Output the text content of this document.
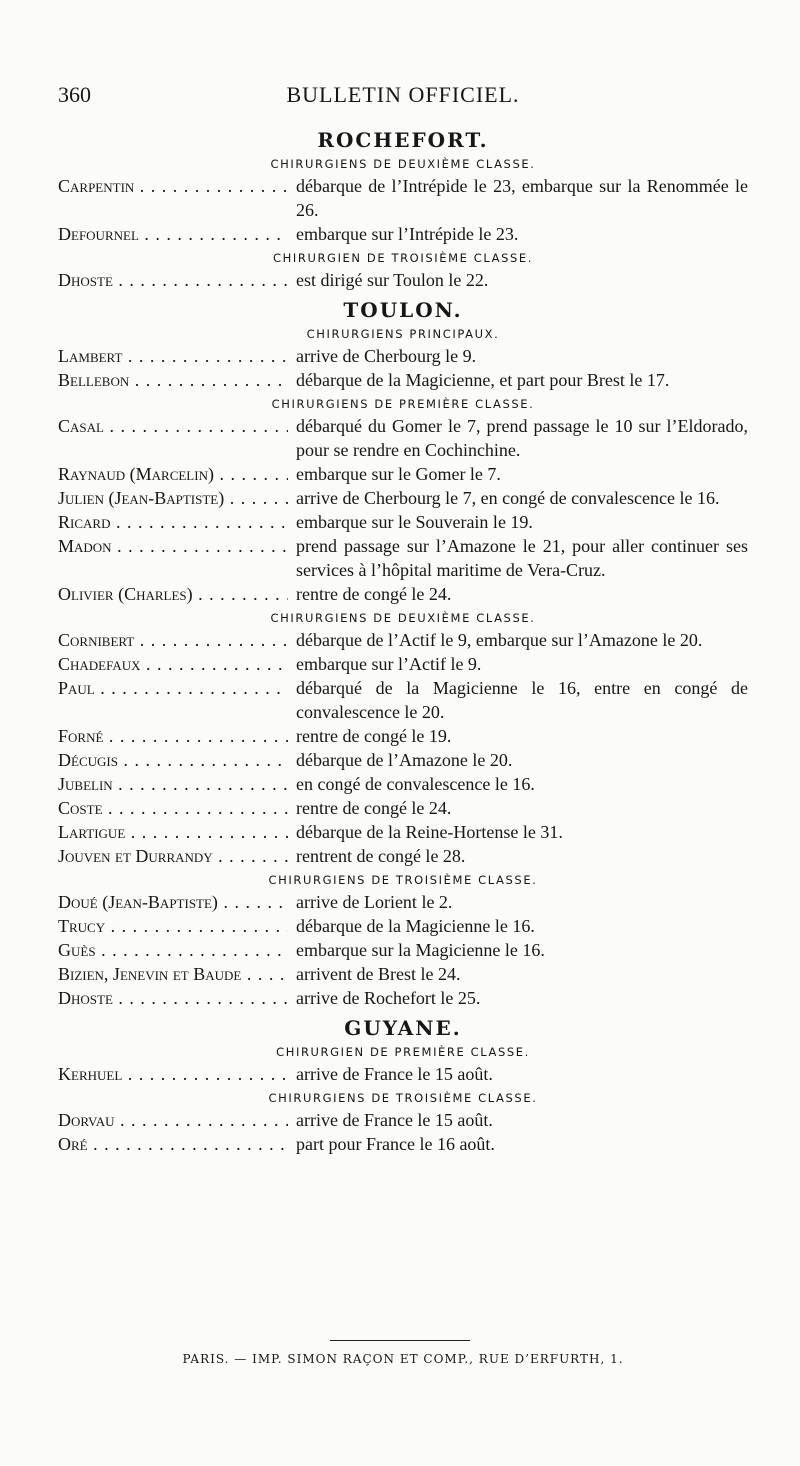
360	BULLETIN OFFICIEL.
ROCHEFORT.
CHIRURGIENS DE DEUXIÈME CLASSE.
Carpentin . . .	débarque de l’Intrépide le 23, embarque sur la Renommée le 26.
Defournel . . .	embarque sur l’Intrépide le 23.
CHIRURGIEN DE TROISIÈME CLASSE.
Dhoste . . .	est dirigé sur Toulon le 22.
TOULON.
CHIRURGIENS PRINCIPAUX.
Lambert . . .	arrive de Cherbourg le 9.
Bellebon . . .	débarque de la Magicienne, et part pour Brest le 17.
CHIRURGIENS DE PREMIÈRE CLASSE.
Casal . . .	débarqué du Gomer le 7, prend passage le 10 sur l’Eldorado, pour se rendre en Cochinchine.
Raynaud (Marcelin) . . .	embarque sur le Gomer le 7.
Julien (Jean-Baptiste) . . .	arrive de Cherbourg le 7, en congé de convalescence le 16.
Ricard . . .	embarque sur le Souverain le 19.
Madon . . .	prend passage sur l’Amazone le 21, pour aller continuer ses services à l’hôpital maritime de Vera-Cruz.
Olivier (Charles) . . .	rentre de congé le 24.
CHIRURGIENS DE DEUXIÈME CLASSE.
Cornibert . . .	débarque de l’Actif le 9, embarque sur l’Amazone le 20.
Chadefaux . . .	embarque sur l’Actif le 9.
Paul . . .	débarqué de la Magicienne le 16, entre en congé de convalescence le 20.
Forné . . .	rentre de congé le 19.
Décugis . . .	débarque de l’Amazone le 20.
Jubelin . . .	en congé de convalescence le 16.
Coste . . .	rentre de congé le 24.
Lartigue . . .	débarque de la Reine-Hortense le 31.
Jouven et Durrandy . . .	rentrent de congé le 28.
CHIRURGIENS DE TROISIÈME CLASSE.
Doué (Jean-Baptiste) . . .	arrive de Lorient le 2.
Trucy . . .	débarque de la Magicienne le 16.
Guès . . .	embarque sur la Magicienne le 16.
Bizien, Jenevin et Baude . . .	arrivent de Brest le 24.
Dhoste . . .	arrive de Rochefort le 25.
GUYANE.
CHIRURGIEN DE PREMIÈRE CLASSE.
Kerhuel . . .	arrive de France le 15 août.
CHIRURGIENS DE TROISIÈME CLASSE.
Dorvau . . .	arrive de France le 15 août.
Oré . . .	part pour France le 16 août.
PARIS. — IMP. SIMON RAÇON ET COMP., RUE D’ERFURTH, 1.
